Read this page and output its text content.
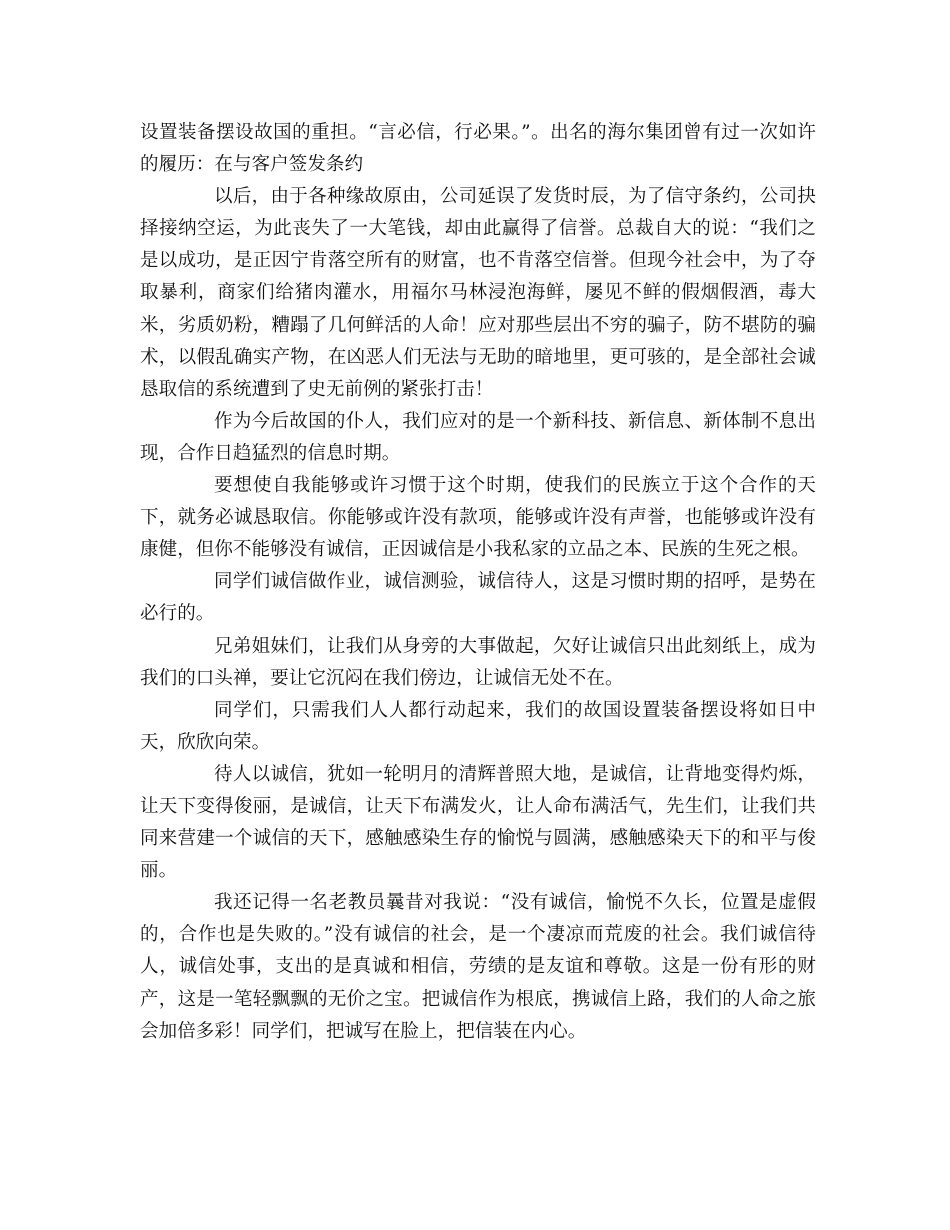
设置装备摆设故国的重担。“言必信，行必果。”。出名的海尔集团曾有过一次如许的履历：在与客户签发条约

以后，由于各种缘故原由，公司延误了发货时辰，为了信守条约，公司抉择接纳空运，为此丧失了一大笔钱，却由此赢得了信誉。总裁自大的说：“我们之是以成功，是正因宁肯落空所有的财富，也不肯落空信誉。但现今社会中，为了夺取暴利，商家们给猪肉灌水，用福尔马林浸泡海鲜，屡见不鲜的假烟假酒，毒大米，劣质奶粉，糟蹋了几何鲜活的人命！应对那些层出不穷的骗子，防不堪防的骗术，以假乱确实产物，在凶恶人们无法与无助的暗地里，更可骇的，是全部社会诚恳取信的系统遭到了史无前例的紧张打击！

作为今后故国的仆人，我们应对的是一个新科技、新信息、新体制不息出现，合作日趋猛烈的信息时期。

要想使自我能够或许习惯于这个时期，使我们的民族立于这个合作的天下，就务必诚恳取信。你能够或许没有款项，能够或许没有声誉，也能够或许没有康健，但你不能够没有诚信，正因诚信是小我私家的立品之本、民族的生死之根。

同学们诚信做作业，诚信测验，诚信待人，这是习惯时期的招呼，是势在必行的。

兄弟姐妹们，让我们从身旁的大事做起，欠好让诚信只出此刻纸上，成为我们的口头禅，要让它沉闷在我们傍边，让诚信无处不在。

同学们，只需我们人人都行动起来，我们的故国设置装备摆设将如日中天，欣欣向荣。

待人以诚信，犹如一轮明月的清辉普照大地，是诚信，让背地变得灼烁，让天下变得俊丽，是诚信，让天下布满发火，让人命布满活气，先生们，让我们共同来营建一个诚信的天下，感触感染生存的愉悦与圆满，感触感染天下的和平与俊丽。

我还记得一名老教员曩昔对我说：“没有诚信，愉悦不久长，位置是虚假的，合作也是失败的。”没有诚信的社会，是一个凄凉而荒废的社会。我们诚信待人，诚信处事，支出的是真诚和相信，劳绩的是友谊和尊敬。这是一份有形的财产，这是一笔轻飘飘的无价之宝。把诚信作为根底，携诚信上路，我们的人命之旅会加倍多彩！同学们，把诚写在脸上，把信装在内心。
